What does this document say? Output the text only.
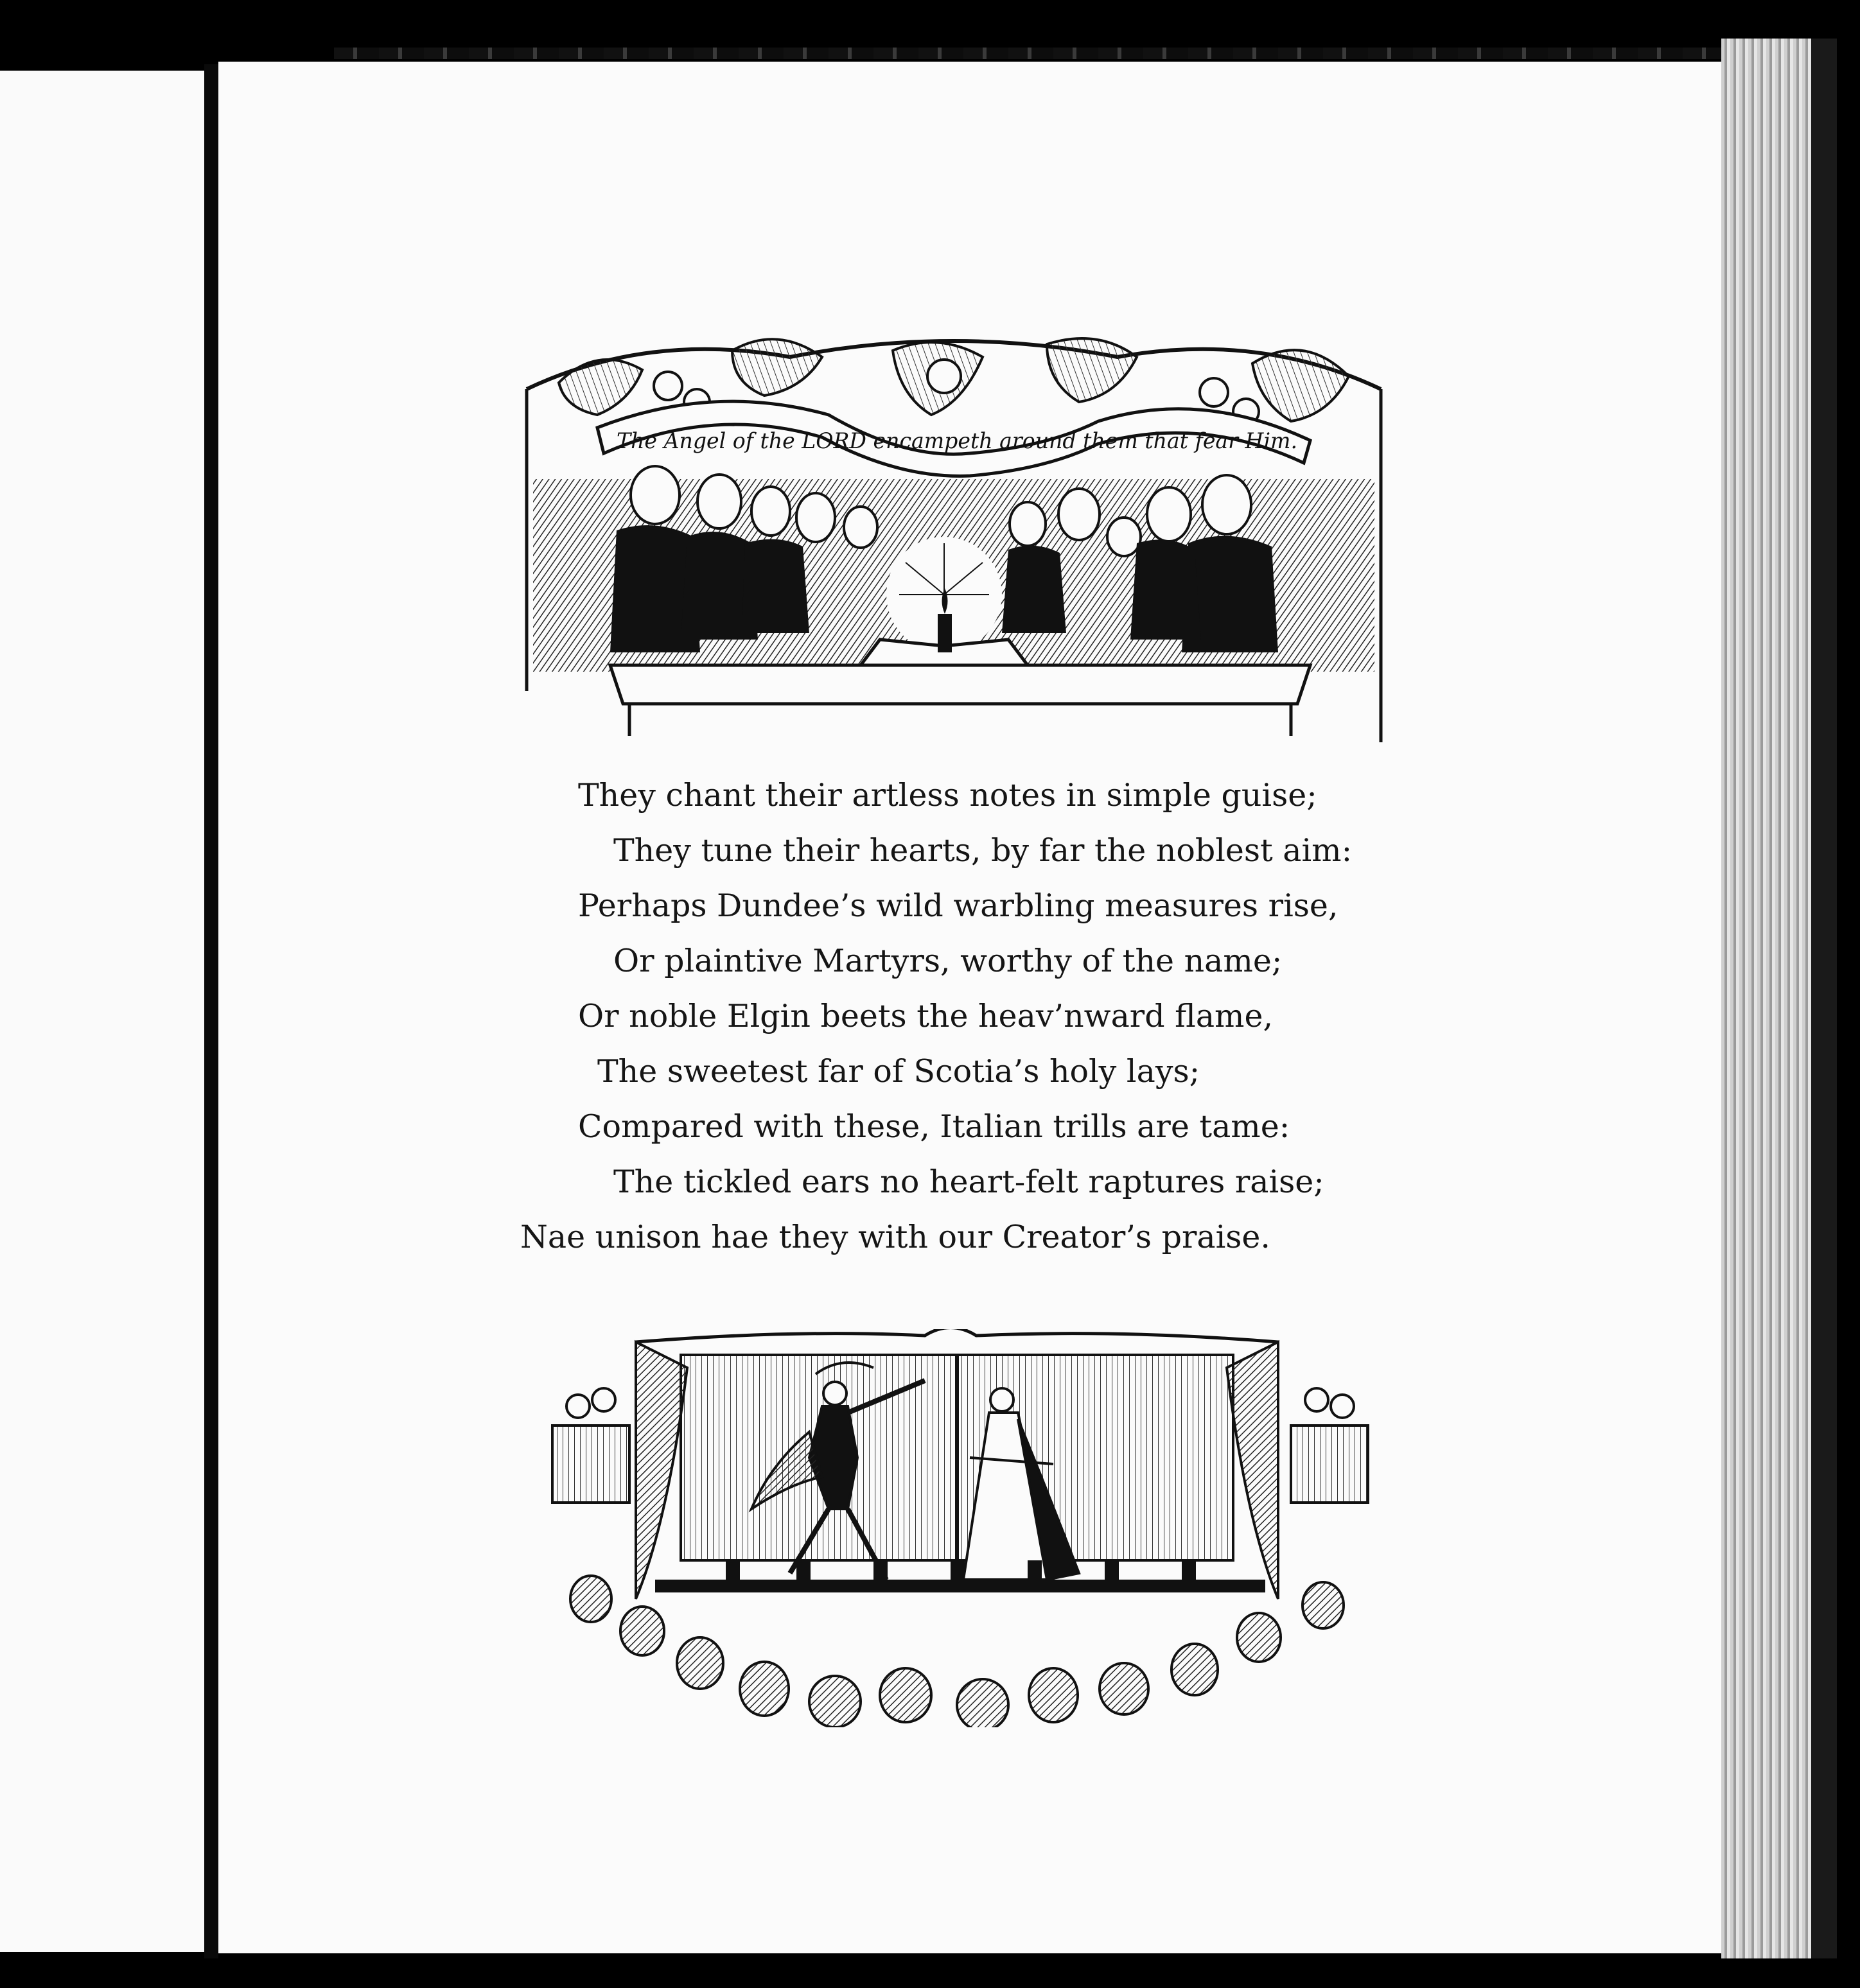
The Angel of the LORD encampeth around them that fear Him.
They chant their artless notes in simple guise;
They tune their hearts, by far the noblest aim:
Perhaps Dundee’s wild warbling measures rise,
Or plaintive Martyrs, worthy of the name;
Or noble Elgin beets the heav’nward flame,
The sweetest far of Scotia’s holy lays;
Compared with these, Italian trills are tame:
The tickled ears no heart-felt raptures raise;
Nae unison hae they with our Creator’s praise.
